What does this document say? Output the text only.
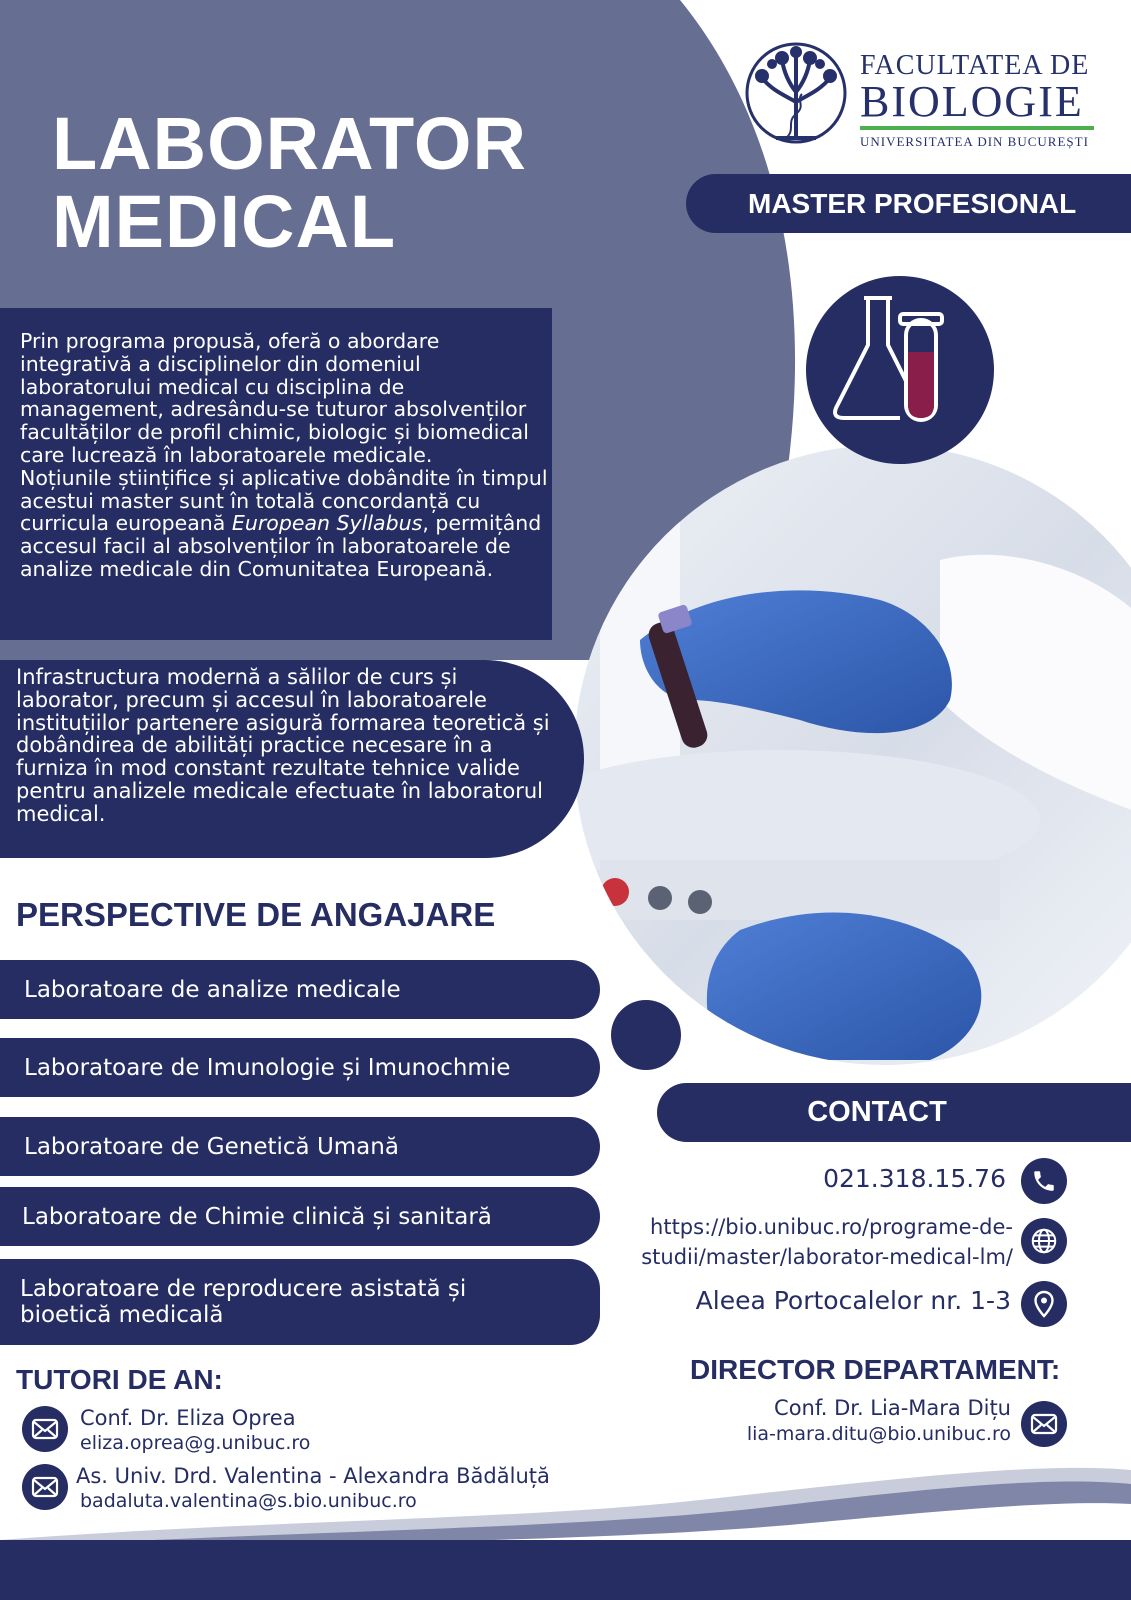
LABORATOR
MEDICAL
FACULTATEA DE
BIOLOGIE
UNIVERSITATEA DIN BUCUREȘTI
MASTER PROFESIONAL
Prin programa propusă, oferă o abordare integrativă a disciplinelor din domeniul laboratorului medical cu disciplina de management, adresându-se tuturor absolvenților facultăților de profil chimic, biologic și biomedical care lucrează în laboratoarele medicale.
Noțiunile științifice și aplicative dobândite în timpul acestui master sunt în totală concordanță cu curricula europeană European Syllabus, permițând accesul facil al absolvenților în laboratoarele de analize medicale din Comunitatea Europeană.
Infrastructura modernă a sălilor de curs și laborator, precum și accesul în laboratoarele instituțiilor partenere asigură formarea teoretică și dobândirea de abilități practice necesare în a furniza în mod constant rezultate tehnice valide pentru analizele medicale efectuate în laboratorul medical.
PERSPECTIVE DE ANGAJARE
Laboratoare de analize medicale
Laboratoare de Imunologie și Imunochmie
Laboratoare de Genetică Umană
Laboratoare de Chimie clinică și sanitară
Laboratoare de reproducere asistată și bioetică medicală
CONTACT
021.318.15.76
https://bio.unibuc.ro/programe-de-
studii/master/laborator-medical-lm/
Aleea Portocalelor nr. 1-3
DIRECTOR DEPARTAMENT:
Conf. Dr. Lia-Mara Dițu
lia-mara.ditu@bio.unibuc.ro
TUTORI DE AN:
Conf. Dr. Eliza Oprea
eliza.oprea@g.unibuc.ro
As. Univ. Drd. Valentina - Alexandra Bădăluță
badaluta.valentina@s.bio.unibuc.ro
